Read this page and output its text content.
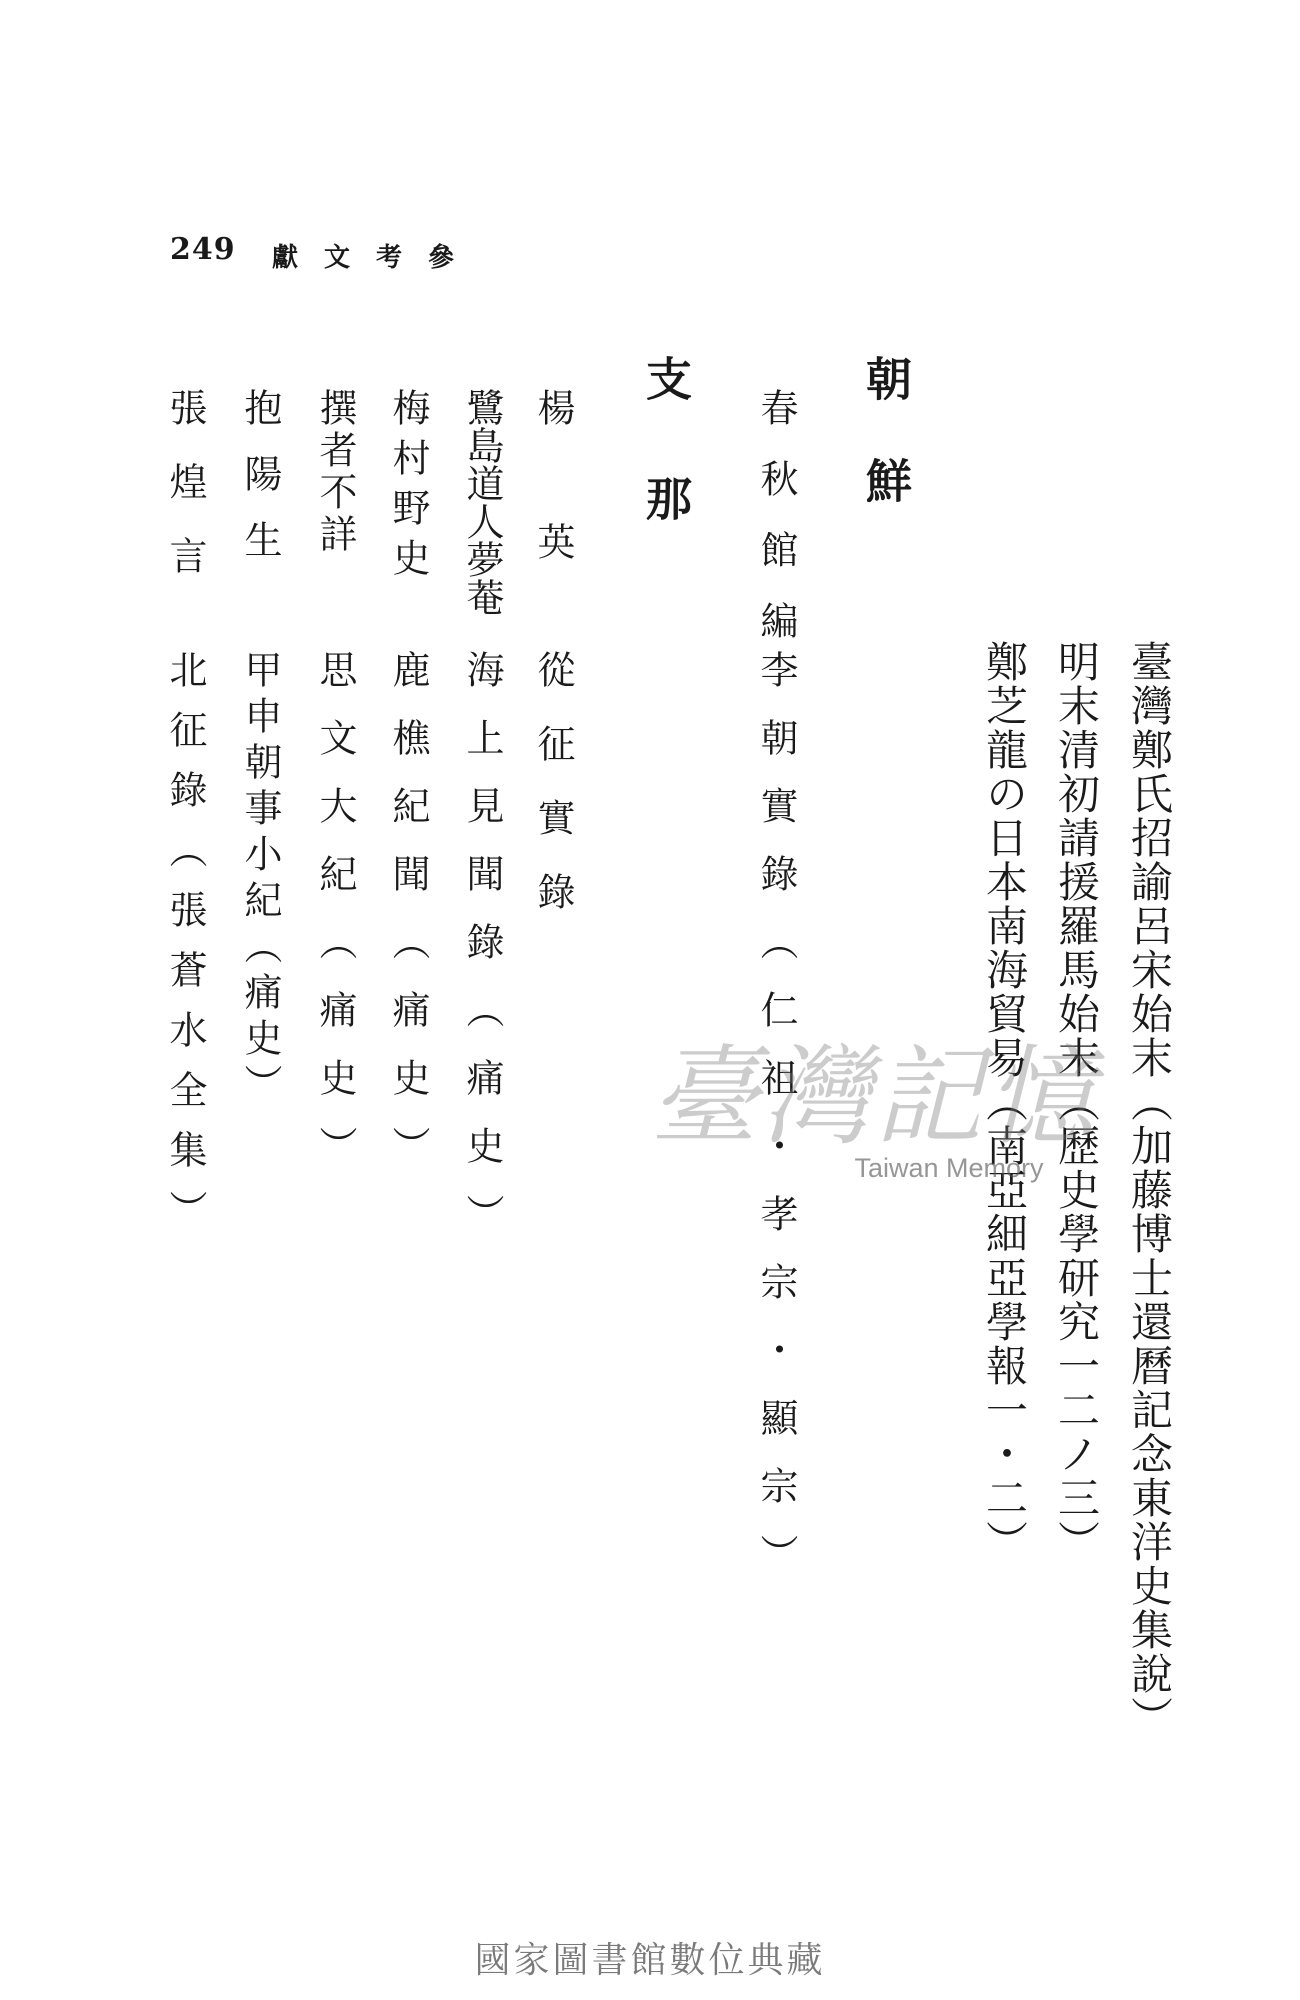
249 獻文考參
臺灣鄭氏招諭呂宋始末（加藤博士還曆記念東洋史集說）
明末清初請援羅馬始末（歷史學研究一二ノ三）
鄭芝龍の日本南海貿易（南亞細亞學報一・二）
朝鮮
春秋館編
李朝實錄（仁祖・孝宗・顯宗）
支那
楊英
從征實錄
鷺島道人夢菴
海上見聞錄（痛史）
梅村野史
鹿樵紀聞（痛史）
撰者不詳
思文大紀（痛史）
抱陽生
甲申朝事小紀（痛史）
張煌言
北征錄（張蒼水全集）	臺灣記憶
Taiwan Memory
國家圖書館數位典藏
